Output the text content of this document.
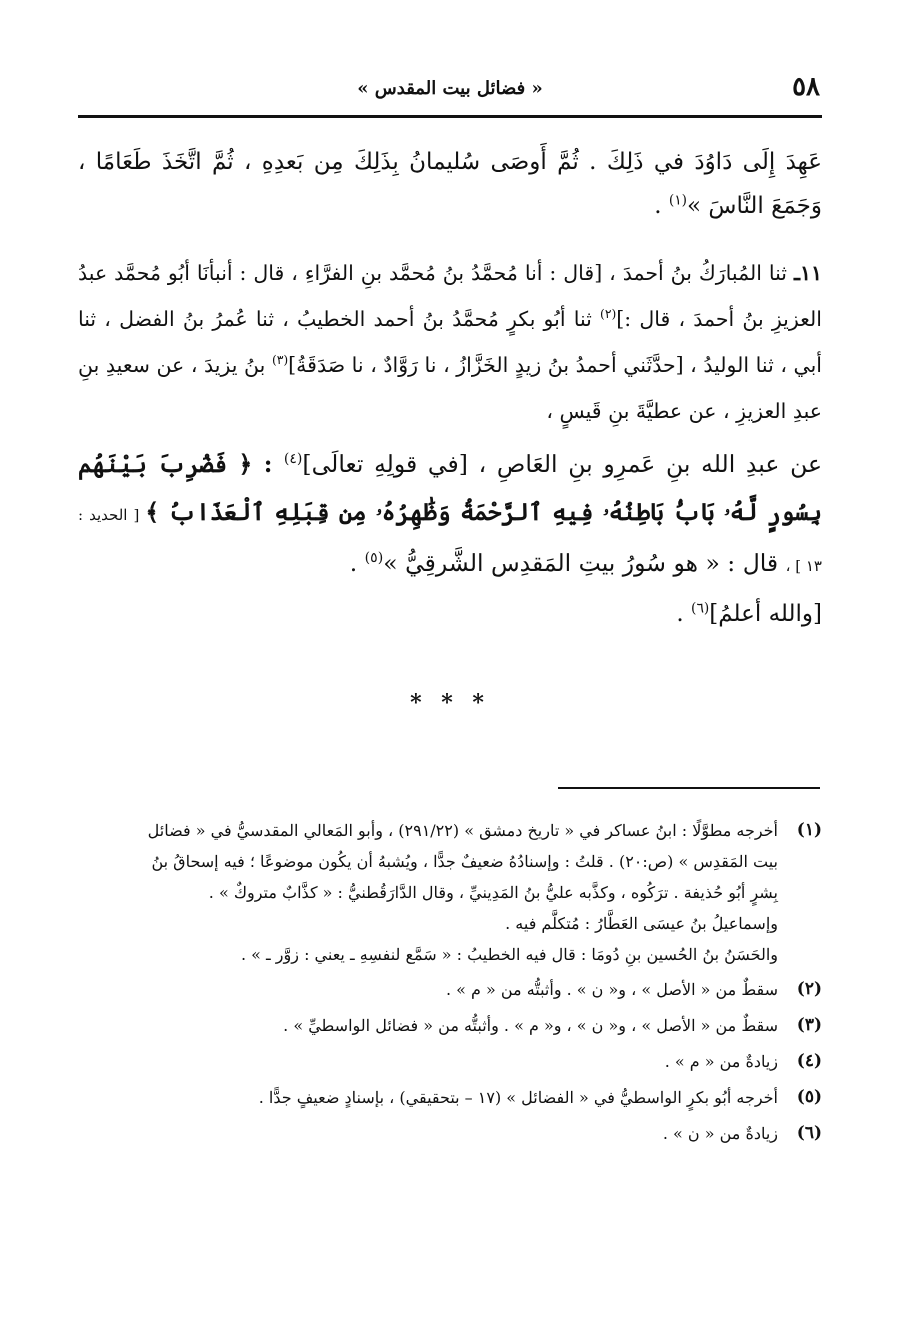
٥٨
« فضائل بيت المقدس »

عَهِدَ إِلَى دَاوُدَ في ذَلِكَ . ثُمَّ أَوصَى سُليمانُ بِذَلِكَ مِن بَعدِهِ ، ثُمَّ اتَّخَذَ طَعَامًا ، وَجَمَعَ النَّاسَ »$^{(١)}$ .

١١ـ ثنا المُبارَكُ بنُ أحمدَ ، [قال : أنا مُحمَّدُ بنُ مُحمَّد بنِ الفرَّاءِ ، قال : أنبأنَا أبُو مُحمَّد عبدُ العزيزِ بنُ أحمدَ ، قال :]$^{(٢)}$ ثنا أبُو بكرٍ مُحمَّدُ بنُ أحمد الخطيبُ ، ثنا عُمرُ بنُ الفضل ، ثنا أبي ، ثنا الوليدُ ، [حدَّثَني أحمدُ بنُ زيدٍ الخَزَّازُ ، نا رَوَّادٌ ، نا صَدَقَةُ]$^{(٣)}$ بنُ يزيدَ ، عن سعيدِ بنِ عبدِ العزيزِ ، عن عطيَّةَ بنِ قَيسٍ ،

عن عبدِ الله بنِ عَمرِو بنِ العَاصِ ، [في قولِهِ تعالَى]$^{(٤)}$ : ﴿ فَضُرِبَ بَيْنَهُم بِسُورٍ لَّهُۥ بَابُۢ بَاطِنُهُۥ فِيهِ ٱلرَّحْمَةُ وَظَٰهِرُهُۥ مِن قِبَلِهِ ٱلْعَذَابُ ﴾ [ الحديد : ١٣ ] ، قال : « هو سُورُ بيتِ المَقدِس الشَّرقِيُّ »$^{(٥)}$ .

[والله أعلمُ]$^{(٦)}$ .

* * *
(١)
أخرجه مطوَّلًا : ابنُ عساكر في « تاريخ دمشق » (٢٩١/٢٢) ، وأبو المَعالي المقدسيُّ في « فضائل
بيت المَقدِس » (ص:٢٠) . قلتُ : وإسنادُهُ ضعيفٌ جدًّا ، ويُشبهُ أن يكُون موضوعًا ؛ فيه إسحاقُ بنُ
بِشرٍ أبُو حُذيفة . ترَكُوه ، وكذَّبه عليُّ بنُ المَدِينيِّ ، وقال الدَّارَقُطنيُّ : « كذَّابٌ متروكٌ » .
وإسماعيلُ بنُ عيسَى العَطَّارُ : مُتكلَّم فيه .
والحَسَنُ بنُ الحُسين بنِ دُومَا : قال فيه الخطيبُ : « سَمَّع لنفسِهِ ـ يعني : زوَّر ـ » .
(٢)
سقطٌ من « الأصل » ، و« ن » . وأثبتُّه من « م » .
(٣)
سقطٌ من « الأصل » ، و« ن » ، و« م » . وأثبتُّه من « فضائل الواسطيِّ » .
(٤)
زيادةٌ من « م » .
(٥)
أخرجه أبُو بكرٍ الواسطيُّ في « الفضائل » (١٧ – بتحقيقي) ، بإسنادٍ ضعيفٍ جدًّا .
(٦)
زيادةٌ من « ن » .
